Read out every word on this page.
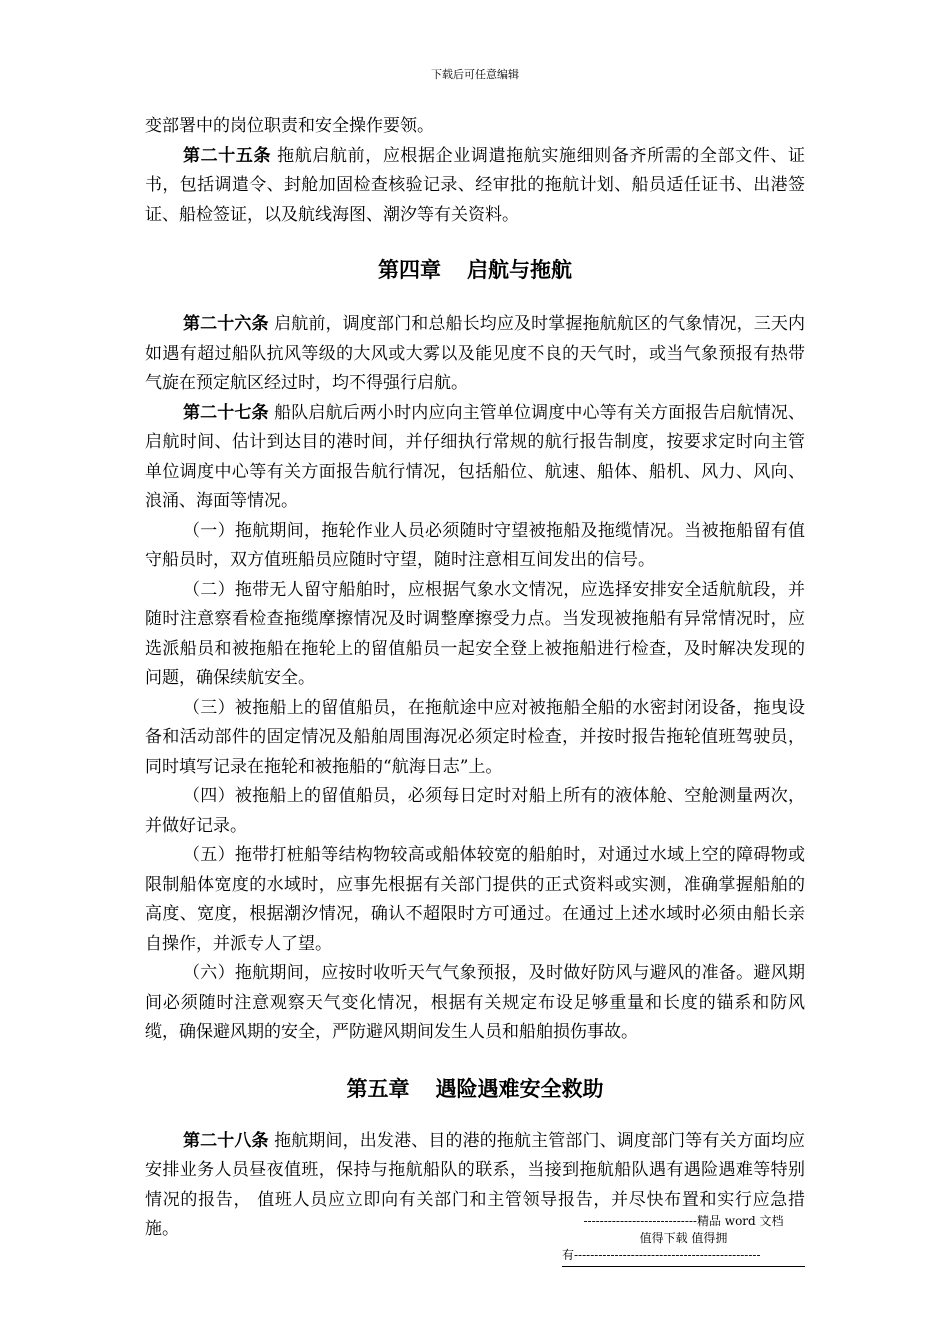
下载后可任意编辑

变部署中的岗位职责和安全操作要领。

第二十五条 拖航启航前，应根据企业调遣拖航实施细则备齐所需的全部文件、证书，包括调遣令、封舱加固检查核验记录、经审批的拖航计划、船员适任证书、出港签证、船检签证，以及航线海图、潮汐等有关资料。

第四章 启航与拖航

第二十六条 启航前，调度部门和总船长均应及时掌握拖航航区的气象情况，三天内如遇有超过船队抗风等级的大风或大雾以及能见度不良的天气时，或当气象预报有热带气旋在预定航区经过时，均不得强行启航。

第二十七条 船队启航后两小时内应向主管单位调度中心等有关方面报告启航情况、启航时间、估计到达目的港时间，并仔细执行常规的航行报告制度，按要求定时向主管单位调度中心等有关方面报告航行情况，包括船位、航速、船体、船机、风力、风向、浪涌、海面等情况。

（一）拖航期间，拖轮作业人员必须随时守望被拖船及拖缆情况。当被拖船留有值守船员时，双方值班船员应随时守望，随时注意相互间发出的信号。

（二）拖带无人留守船舶时，应根据气象水文情况，应选择安排安全适航航段，并随时注意察看检查拖缆摩擦情况及时调整摩擦受力点。当发现被拖船有异常情况时，应选派船员和被拖船在拖轮上的留值船员一起安全登上被拖船进行检查，及时解决发现的问题，确保续航安全。

（三）被拖船上的留值船员，在拖航途中应对被拖船全船的水密封闭设备，拖曳设备和活动部件的固定情况及船舶周围海况必须定时检查，并按时报告拖轮值班驾驶员，同时填写记录在拖轮和被拖船的“航海日志”上。

（四）被拖船上的留值船员，必须每日定时对船上所有的液体舱、空舱测量两次，并做好记录。

（五）拖带打桩船等结构物较高或船体较宽的船舶时，对通过水域上空的障碍物或限制船体宽度的水域时，应事先根据有关部门提供的正式资料或实测，准确掌握船舶的高度、宽度，根据潮汐情况，确认不超限时方可通过。在通过上述水域时必须由船长亲自操作，并派专人了望。

（六）拖航期间，应按时收听天气气象预报，及时做好防风与避风的准备。避风期间必须随时注意观察天气变化情况，根据有关规定布设足够重量和长度的锚系和防风缆，确保避风期的安全，严防避风期间发生人员和船舶损伤事故。

第五章 遇险遇难安全救助

第二十八条 拖航期间，出发港、目的港的拖航主管部门、调度部门等有关方面均应安排业务人员昼夜值班，保持与拖航船队的联系，当接到拖航船队遇有遇险遇难等特别情况的报告， 值班人员应立即向有关部门和主管领导报告，并尽快布置和实行应急措施。	----------------------------精品 word 文档
值得下载 值得拥
有----------------------------------------------
